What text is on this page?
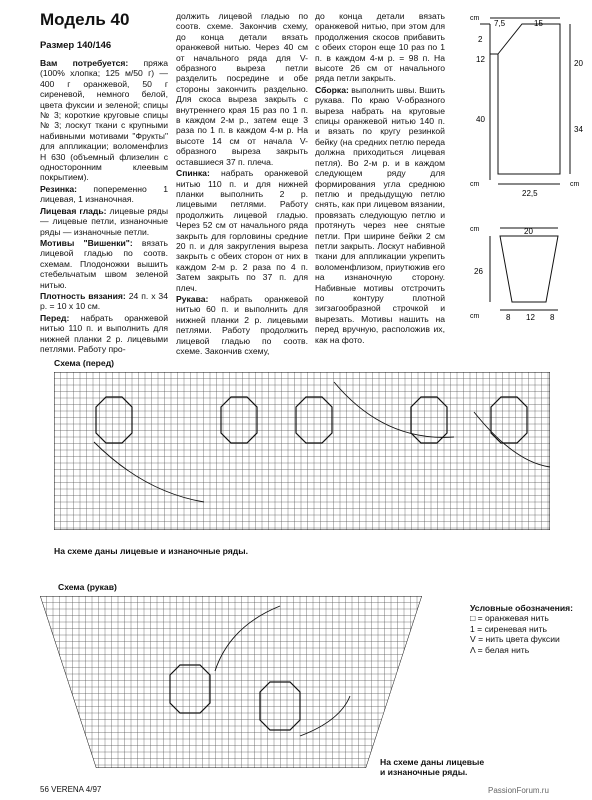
Модель 40
Размер 140/146

Вам потребуется: пряжа (100% хлопка; 125 м/50 г) — 400 г оранжевой, 50 г сиреневой, немного белой, цвета фуксии и зеленой; спицы № 3; короткие круговые спицы № 3; лоскут ткани с крупными набивными мотивами "Фрукты" для аппликации; воломенфлиз Н 630 (объемный флизелин с односторонним клеевым покрытием).

Резинка: попеременно 1 лицевая, 1 изнаночная.

Лицевая гладь: лицевые ряды — лицевые петли, изнаночные ряды — изнаночные петли.

Мотивы "Вишенки": вязать лицевой гладью по соотв. схемам. Плодоножки вышить стебельчатым швом зеленой нитью.

Плотность вязания: 24 п. х 34 р. = 10 х 10 см.

Перед: набрать оранжевой нитью 110 п. и выполнить для нижней планки 2 р. лицевыми петлями. Работу про-

должить лицевой гладью по соотв. схеме. Закончив схему, до конца детали вязать оранжевой нитью. Через 40 см от начального ряда для V-образного выреза петли разделить посредине и обе стороны закончить раздельно. Для скоса выреза закрыть с внутреннего края 15 раз по 1 п. в каждом 2-м р., затем еще 3 раза по 1 п. в каждом 4-м р. На высоте 14 см от начала V-образного выреза закрыть оставшиеся 37 п. плеча.

Спинка: набрать оранжевой нитью 110 п. и для нижней планки выполнить 2 р. лицевыми петлями. Работу продолжить лицевой гладью. Через 52 см от начального ряда закрыть для горловины средние 20 п. и для закругления выреза закрыть с обеих сторон от них в каждом 2-м р. 2 раза по 4 п. Затем закрыть по 37 п. для плеч.

Рукава: набрать оранжевой нитью 60 п. и выполнить для нижней планки 2 р. лицевыми петлями. Работу продолжить лицевой гладью по соотв. схеме. Закончив схему,

до конца детали вязать оранжевой нитью, при этом для продолжения скосов прибавить с обеих сторон еще 10 раз по 1 п. в каждом 4-м р. = 98 п. На высоте 26 см от начального ряда петли закрыть.

Сборка: выполнить швы. Вшить рукава. По краю V-образного выреза набрать на круговые спицы оранжевой нитью 140 п. и вязать по кругу резинкой бейку (на средних петлю переда должна приходиться лицевая петля). Во 2-м р. и в каждом следующем ряду для формирования угла среднюю петлю и предыдущую петлю снять, как при лицевом вязании, провязать следующую петлю и протянуть через нее снятые петли. При ширине бейки 2 см петли закрыть. Лоскут набивной ткани для аппликации укрепить воломенфлизом, приутюжив его на изнаночную сторону. Набивные мотивы отстрочить по контуру плотной зигзагообразной строчкой и вырезать. Мотивы нашить на перед вручную, расположив их, как на фото.

cm	cm
cm
7,5	15
2
12
40
20
34
22,5
cm	20
26
cm	8 12 8
Схема (перед)
На схеме даны лицевые и изнаночные ряды.
Схема (рукав)
На схеме даны лицевые
и изнаночные ряды.
Условные обозначения:
□ = оранжевая нить
1 = сиреневая нить
V = нить цвета фуксии
Λ = белая нить
56 VERENA 4/97	PassionForum.ru
